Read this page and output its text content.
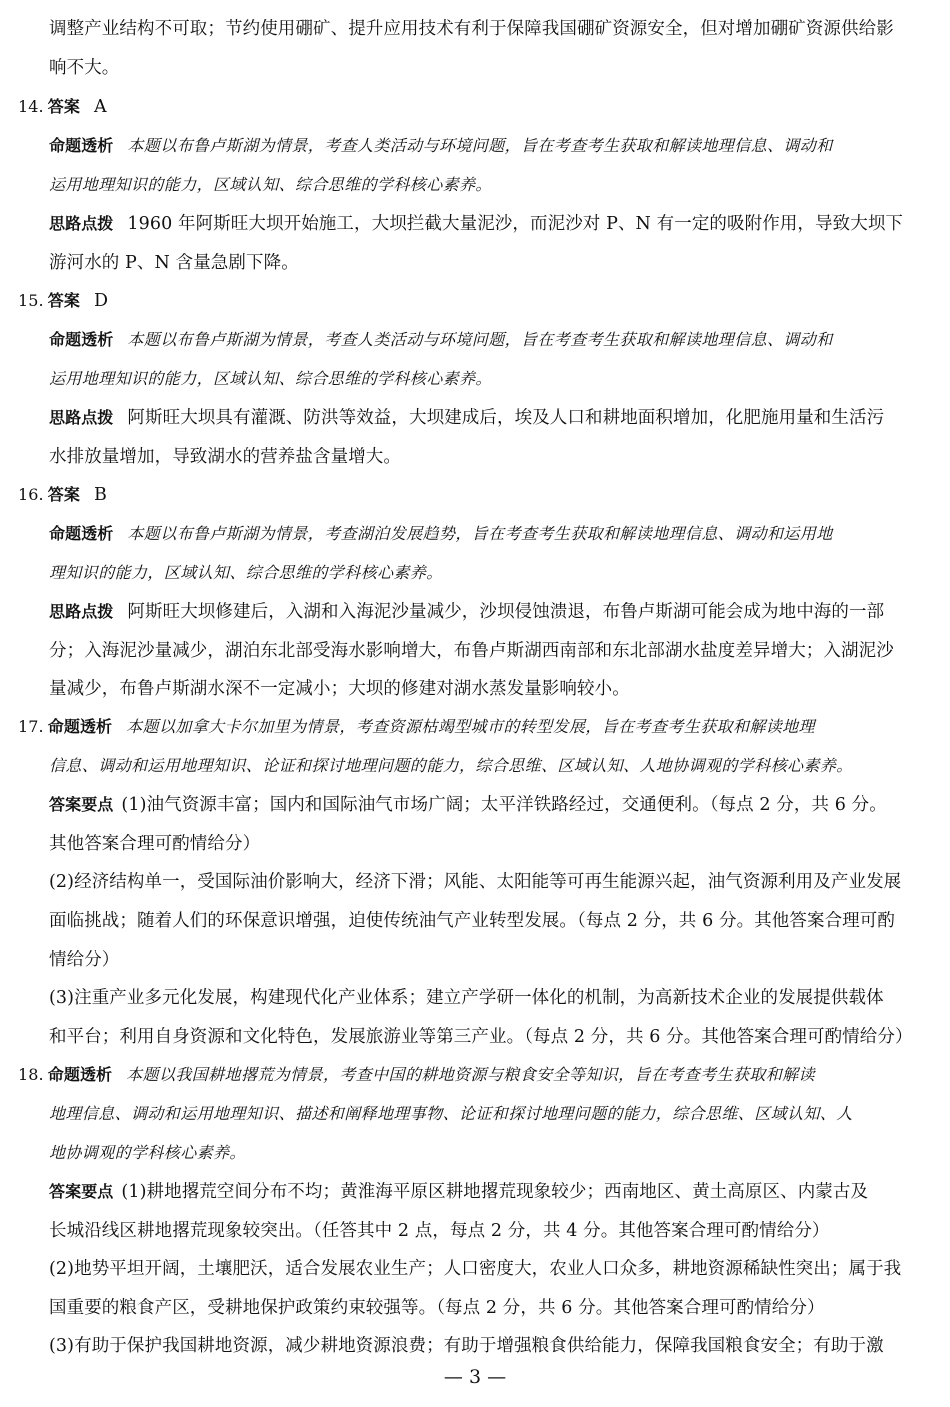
调整产业结构不可取；节约使用硼矿、提升应用技术有利于保障我国硼矿资源安全，但对增加硼矿资源供给影
响不大。
14. 答案 A
命题透析 本题以布鲁卢斯湖为情景，考查人类活动与环境问题，旨在考查考生获取和解读地理信息、调动和
运用地理知识的能力，区域认知、综合思维的学科核心素养。
思路点拨 1960 年阿斯旺大坝开始施工，大坝拦截大量泥沙，而泥沙对 P、N 有一定的吸附作用，导致大坝下
游河水的 P、N 含量急剧下降。
15. 答案 D
命题透析 本题以布鲁卢斯湖为情景，考查人类活动与环境问题，旨在考查考生获取和解读地理信息、调动和
运用地理知识的能力，区域认知、综合思维的学科核心素养。
思路点拨 阿斯旺大坝具有灌溉、防洪等效益，大坝建成后，埃及人口和耕地面积增加，化肥施用量和生活污
水排放量增加，导致湖水的营养盐含量增大。
16. 答案 B
命题透析 本题以布鲁卢斯湖为情景，考查湖泊发展趋势，旨在考查考生获取和解读地理信息、调动和运用地
理知识的能力，区域认知、综合思维的学科核心素养。
思路点拨 阿斯旺大坝修建后，入湖和入海泥沙量减少，沙坝侵蚀溃退，布鲁卢斯湖可能会成为地中海的一部
分；入海泥沙量减少，湖泊东北部受海水影响增大，布鲁卢斯湖西南部和东北部湖水盐度差异增大；入湖泥沙
量减少，布鲁卢斯湖水深不一定减小；大坝的修建对湖水蒸发量影响较小。
17. 命题透析 本题以加拿大卡尔加里为情景，考查资源枯竭型城市的转型发展，旨在考查考生获取和解读地理
信息、调动和运用地理知识、论证和探讨地理问题的能力，综合思维、区域认知、人地协调观的学科核心素养。
答案要点 (1)油气资源丰富；国内和国际油气市场广阔；太平洋铁路经过，交通便利。（每点 2 分，共 6 分。
其他答案合理可酌情给分）
(2)经济结构单一，受国际油价影响大，经济下滑；风能、太阳能等可再生能源兴起，油气资源利用及产业发展
面临挑战；随着人们的环保意识增强，迫使传统油气产业转型发展。（每点 2 分，共 6 分。其他答案合理可酌
情给分）
(3)注重产业多元化发展，构建现代化产业体系；建立产学研一体化的机制，为高新技术企业的发展提供载体
和平台；利用自身资源和文化特色，发展旅游业等第三产业。（每点 2 分，共 6 分。其他答案合理可酌情给分）
18. 命题透析 本题以我国耕地撂荒为情景，考查中国的耕地资源与粮食安全等知识，旨在考查考生获取和解读
地理信息、调动和运用地理知识、描述和阐释地理事物、论证和探讨地理问题的能力，综合思维、区域认知、人
地协调观的学科核心素养。
答案要点 (1)耕地撂荒空间分布不均；黄淮海平原区耕地撂荒现象较少；西南地区、黄土高原区、内蒙古及
长城沿线区耕地撂荒现象较突出。（任答其中 2 点，每点 2 分，共 4 分。其他答案合理可酌情给分）
(2)地势平坦开阔，土壤肥沃，适合发展农业生产；人口密度大，农业人口众多，耕地资源稀缺性突出；属于我
国重要的粮食产区，受耕地保护政策约束较强等。（每点 2 分，共 6 分。其他答案合理可酌情给分）
(3)有助于保护我国耕地资源，减少耕地资源浪费；有助于增强粮食供给能力，保障我国粮食安全；有助于激
— 3 —
